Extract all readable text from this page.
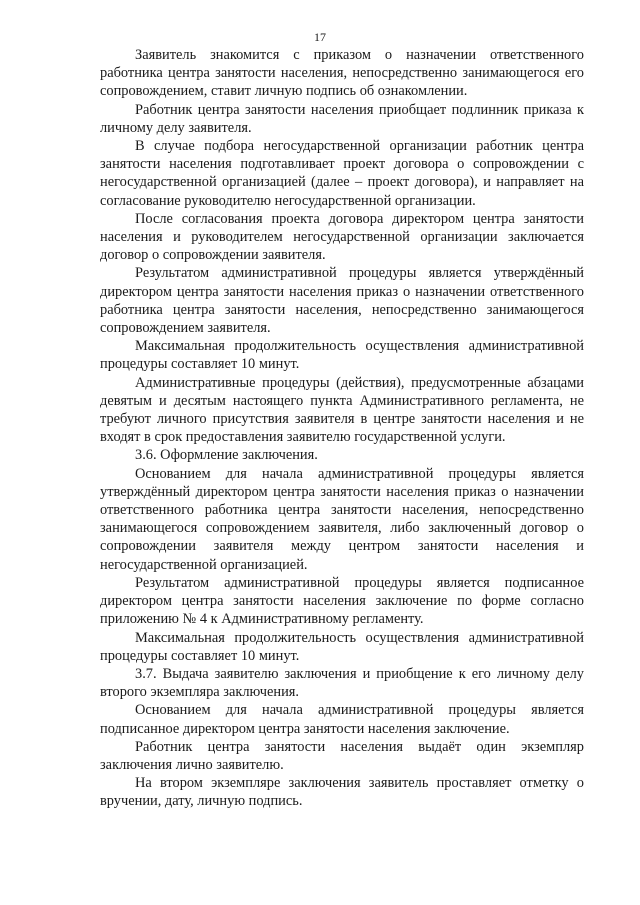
17

Заявитель знакомится с приказом о назначении ответственного работника центра занятости населения, непосредственно занимающегося его сопровождением, ставит личную подпись об ознакомлении.

Работник центра занятости населения приобщает подлинник приказа к личному делу заявителя.

В случае подбора негосударственной организации работник центра занятости населения подготавливает проект договора о сопровождении с негосударственной организацией (далее – проект договора), и направляет на согласование руководителю негосударственной организации.

После согласования проекта договора директором центра занятости населения и руководителем негосударственной организации заключается договор о сопровождении заявителя.

Результатом административной процедуры является утверждённый директором центра занятости населения приказ о назначении ответственного работника центра занятости населения, непосредственно занимающегося сопровождением заявителя.

Максимальная продолжительность осуществления административной процедуры составляет 10 минут.

Административные процедуры (действия), предусмотренные абзацами девятым и десятым настоящего пункта Административного регламента, не требуют личного присутствия заявителя в центре занятости населения и не входят в срок предоставления заявителю государственной услуги.

3.6. Оформление заключения.

Основанием для начала административной процедуры является утверждённый директором центра занятости населения приказ о назначении ответственного работника центра занятости населения, непосредственно занимающегося сопровождением заявителя, либо заключенный договор о сопровождении заявителя между центром занятости населения и негосударственной организацией.

Результатом административной процедуры является подписанное директором центра занятости населения заключение по форме согласно приложению № 4 к Административному регламенту.

Максимальная продолжительность осуществления административной процедуры составляет 10 минут.

3.7. Выдача заявителю заключения и приобщение к его личному делу второго экземпляра заключения.

Основанием для начала административной процедуры является подписанное директором центра занятости населения заключение.

Работник центра занятости населения выдаёт один экземпляр заключения лично заявителю.

На втором экземпляре заключения заявитель проставляет отметку о вручении, дату, личную подпись.
